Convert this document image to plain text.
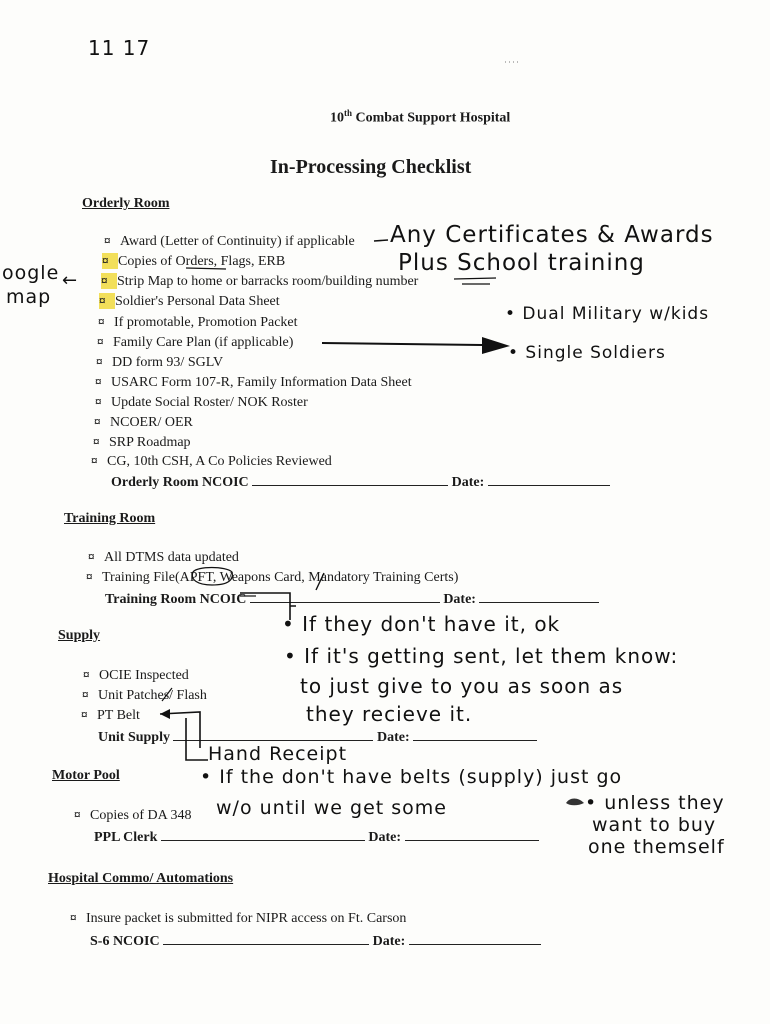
11 17
10th Combat Support Hospital
In-Processing Checklist
Orderly Room
¤ Award (Letter of Continuity) if applicable
¤ Copies of Orders, Flags, ERB
¤ Strip Map to home or barracks room/building number
¤ Soldier's Personal Data Sheet
¤ If promotable, Promotion Packet
¤ Family Care Plan (if applicable)
¤ DD form 93/ SGLV
¤ USARC Form 107-R, Family Information Data Sheet
¤ Update Social Roster/ NOK Roster
¤ NCOER/ OER
¤ SRP Roadmap
¤ CG, 10th CSH, A Co Policies Reviewed
Orderly Room NCOIC	Date:
Training Room
¤ All DTMS data updated
¤ Training File(APFT, Weapons Card, Mandatory Training Certs)
Training Room NCOIC	Date:
Supply
¤ OCIE Inspected
¤ Unit Patches/ Flash
¤ PT Belt
Unit Supply	Date:
Motor Pool
¤ Copies of DA 348
PPL Clerk	Date:
Hospital Commo/ Automations
¤ Insure packet is submitted for NIPR access on Ft. Carson
S-6 NCOIC	Date:
oogle
map
←
Any Certificates & Awards
Plus School training
• Dual Military w/kids
• Single Soldiers
• If they don't have it, ok
• If it's getting sent, let them know:
to just give to you as soon as
they recieve it.
Hand Receipt
• If the don't have belts (supply) just go
w/o until we get some	• unless they
want to buy
one themself
